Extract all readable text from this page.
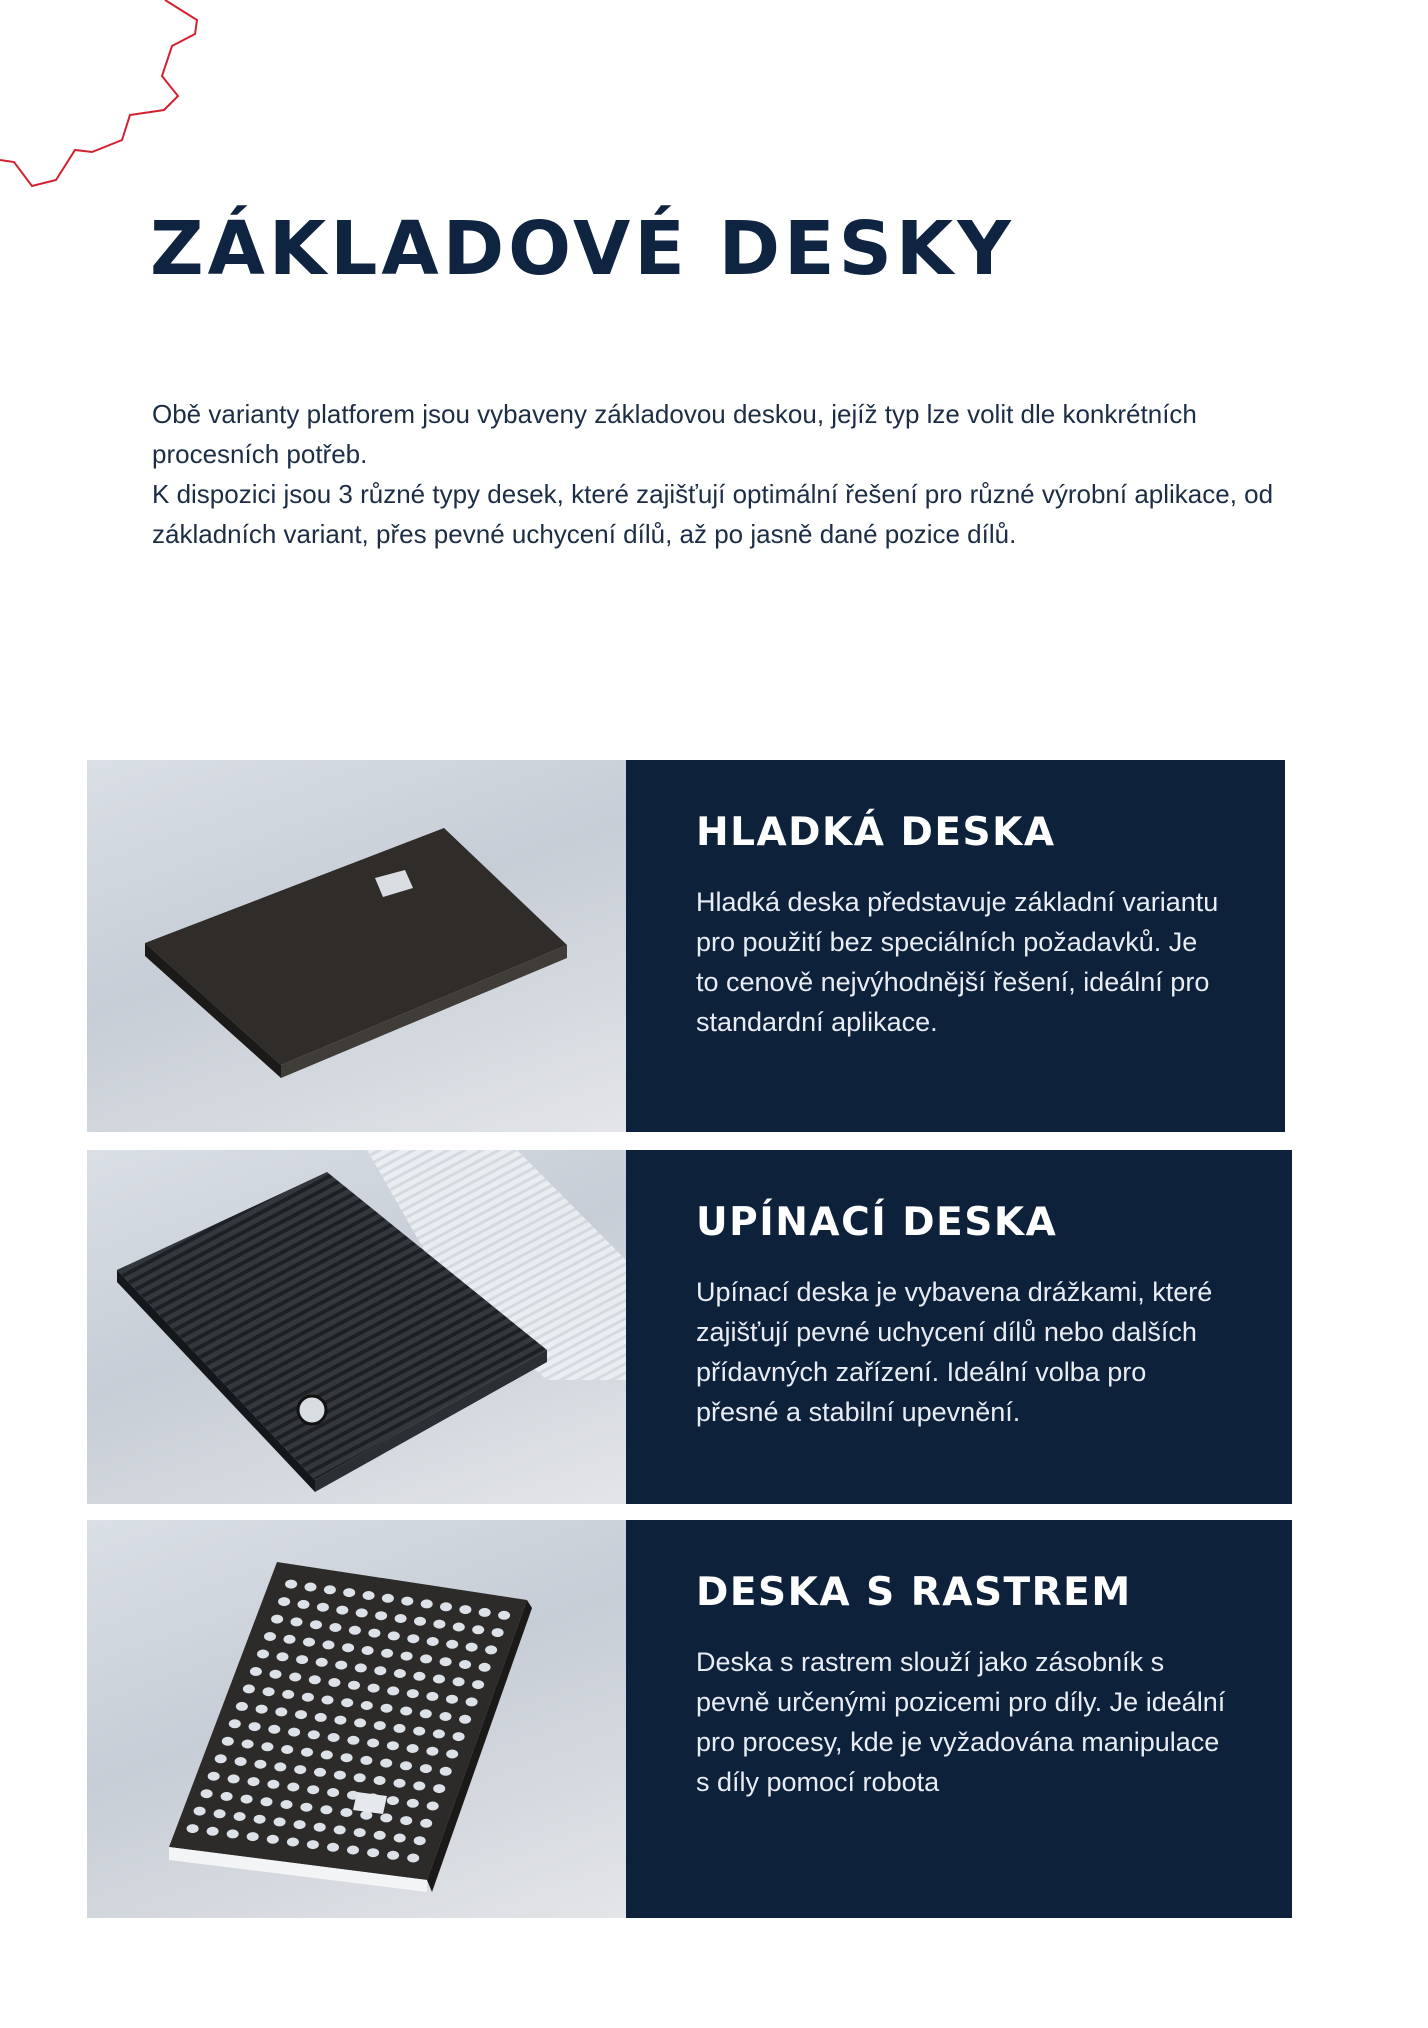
ZÁKLADOVÉ DESKY

Obě varianty platforem jsou vybaveny základovou deskou, jejíž typ lze volit dle konkrétních procesních potřeb.

K dispozici jsou 3 různé typy desek, které zajišťují optimální řešení pro různé výrobní aplikace, od základních variant, přes pevné uchycení dílů, až po jasně dané pozice dílů.

HLADKÁ DESKA

Hladká deska představuje základní variantu pro použití bez speciálních požadavků. Je to cenově nejvýhodnější řešení, ideální pro standardní aplikace.

UPÍNACÍ DESKA

Upínací deska je vybavena drážkami, které zajišťují pevné uchycení dílů nebo dalších přídavných zařízení. Ideální volba pro přesné a stabilní upevnění.

DESKA S RASTREM

Deska s rastrem slouží jako zásobník s pevně určenými pozicemi pro díly. Je ideální pro procesy, kde je vyžadována manipulace s díly pomocí robota
